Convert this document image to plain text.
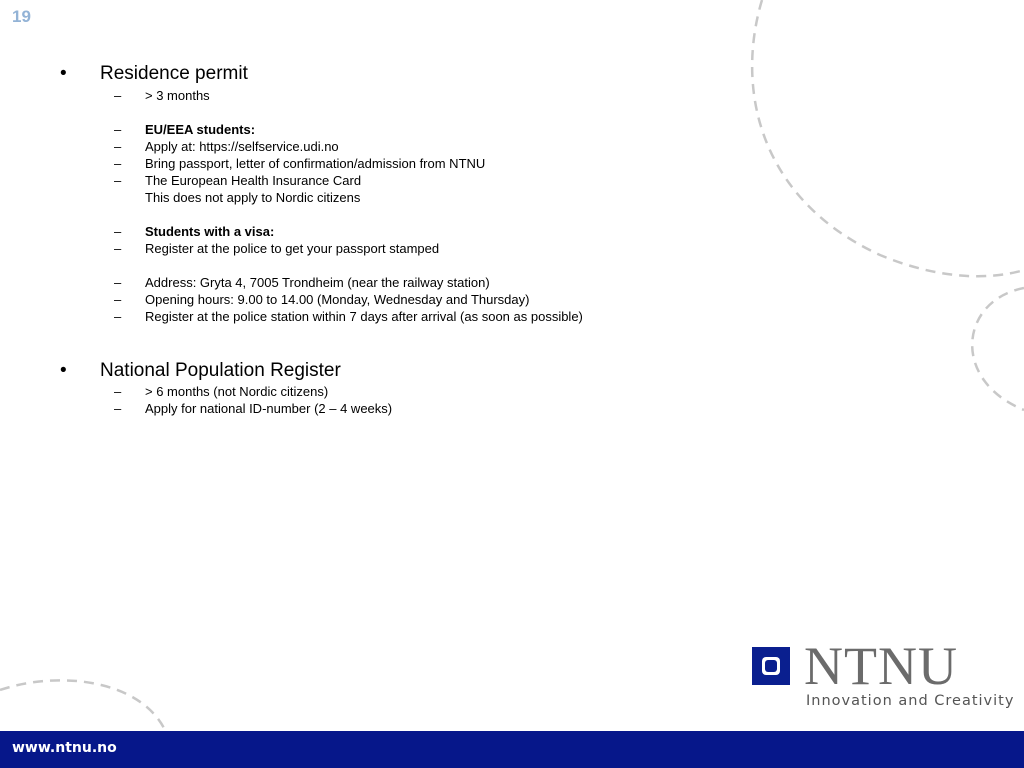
19
• Residence permit
– > 3 months
– EU/EEA students:
– Apply at: https://selfservice.udi.no
– Bring passport, letter of confirmation/admission from NTNU
– The European Health Insurance Card
This does not apply to Nordic citizens
– Students with a visa:
– Register at the police to get your passport stamped
– Address: Gryta 4, 7005 Trondheim (near the railway station)
– Opening hours: 9.00 to 14.00 (Monday, Wednesday and Thursday)
– Register at the police station within 7 days after arrival (as soon as possible)
• National Population Register
– > 6 months (not Nordic citizens)
– Apply for national ID-number (2 – 4 weeks)
NTNU
Innovation and Creativity
www.ntnu.no
